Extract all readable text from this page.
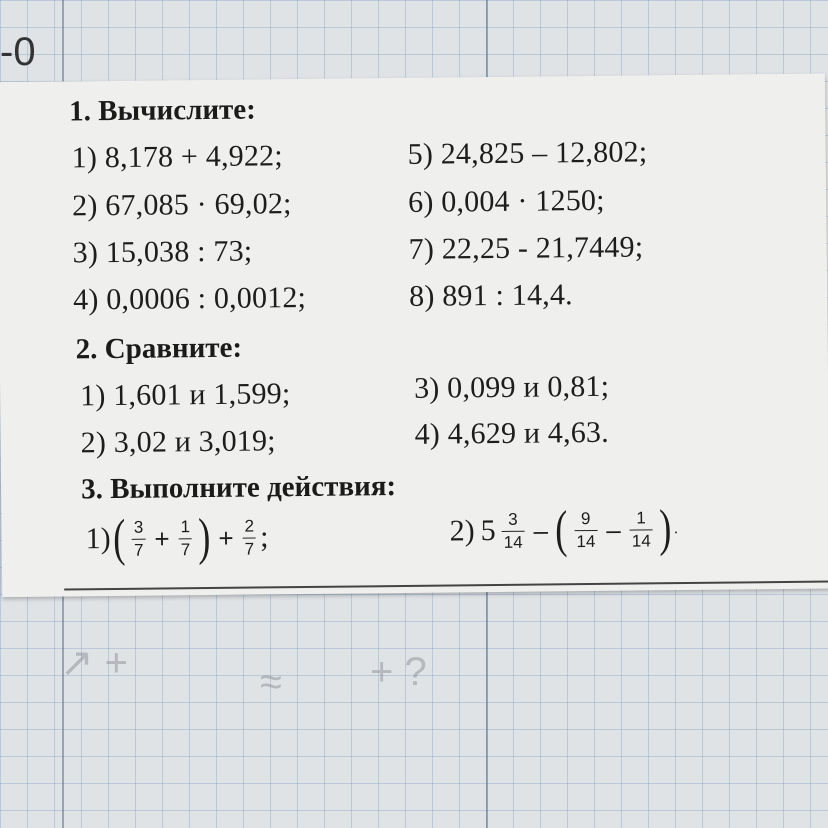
↗ +	≈ + ?
-0
1. Вычислите:
1) 8,178 + 4,922;
2) 67,085 · 69,02;
3) 15,038 : 73;
4) 0,0006 : 0,0012;
5) 24,825 – 12,802;
6) 0,004 · 1250;
7) 22,25 - 21,7449;
8) 891 : 14,4.
2. Сравните:
1) 1,601 и 1,599;
2) 3,02 и 3,019;
3) 0,099 и 0,81;
4) 4,629 и 4,63.
3. Выполните действия:
1) ( $\frac{3}{7} + \frac{1}{7}$ ) + $\frac{2}{7}$ ;	2) $5 \frac{3}{14}$ – ( $\frac{9}{14} - \frac{1}{14}$ ) .
